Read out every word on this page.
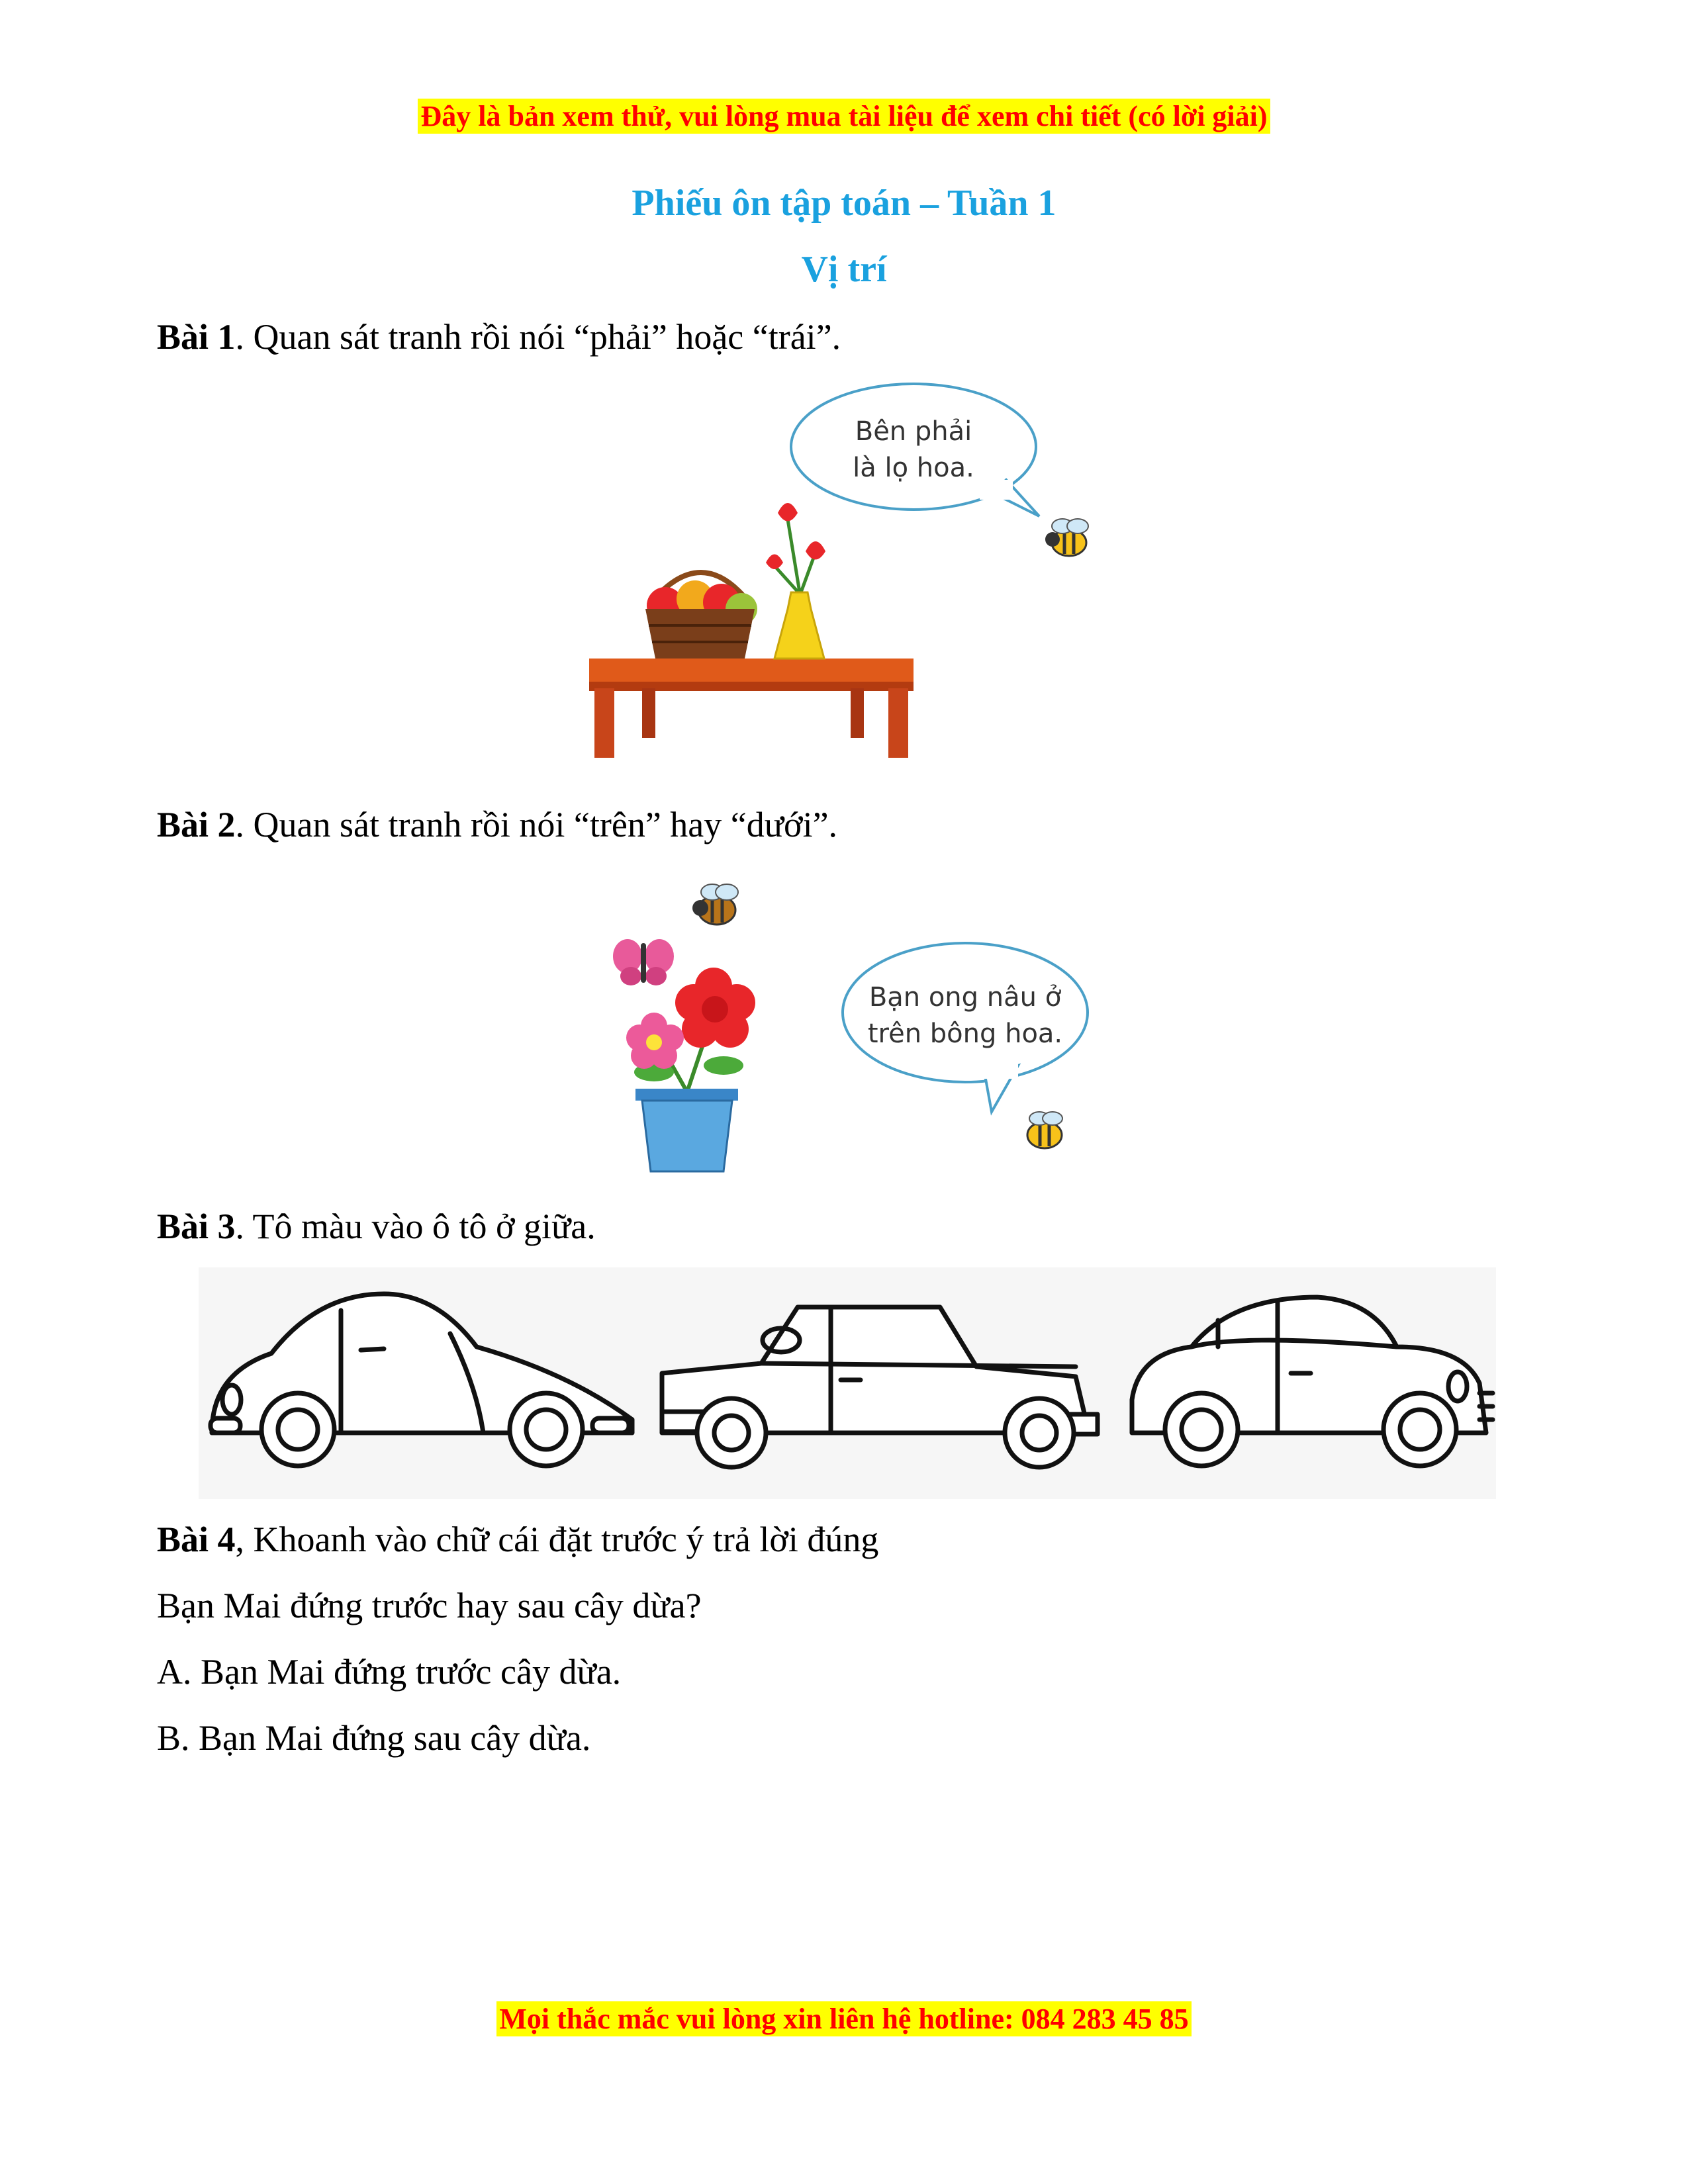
Đây là bản xem thử, vui lòng mua tài liệu để xem chi tiết (có lời giải)
Phiếu ôn tập toán – Tuần 1
Vị trí
Bài 1. Quan sát tranh rồi nói “phải” hoặc “trái”.
Bên phải
là lọ hoa.
Bài 2. Quan sát tranh rồi nói “trên” hay “dưới”.
Bạn ong nâu ở
trên bông hoa.
Bài 3. Tô màu vào ô tô ở giữa.
Bài 4, Khoanh vào chữ cái đặt trước ý trả lời đúng
Bạn Mai đứng trước hay sau cây dừa?
A. Bạn Mai đứng trước cây dừa.
B. Bạn Mai đứng sau cây dừa.
Mọi thắc mắc vui lòng xin liên hệ hotline: 084 283 45 85
